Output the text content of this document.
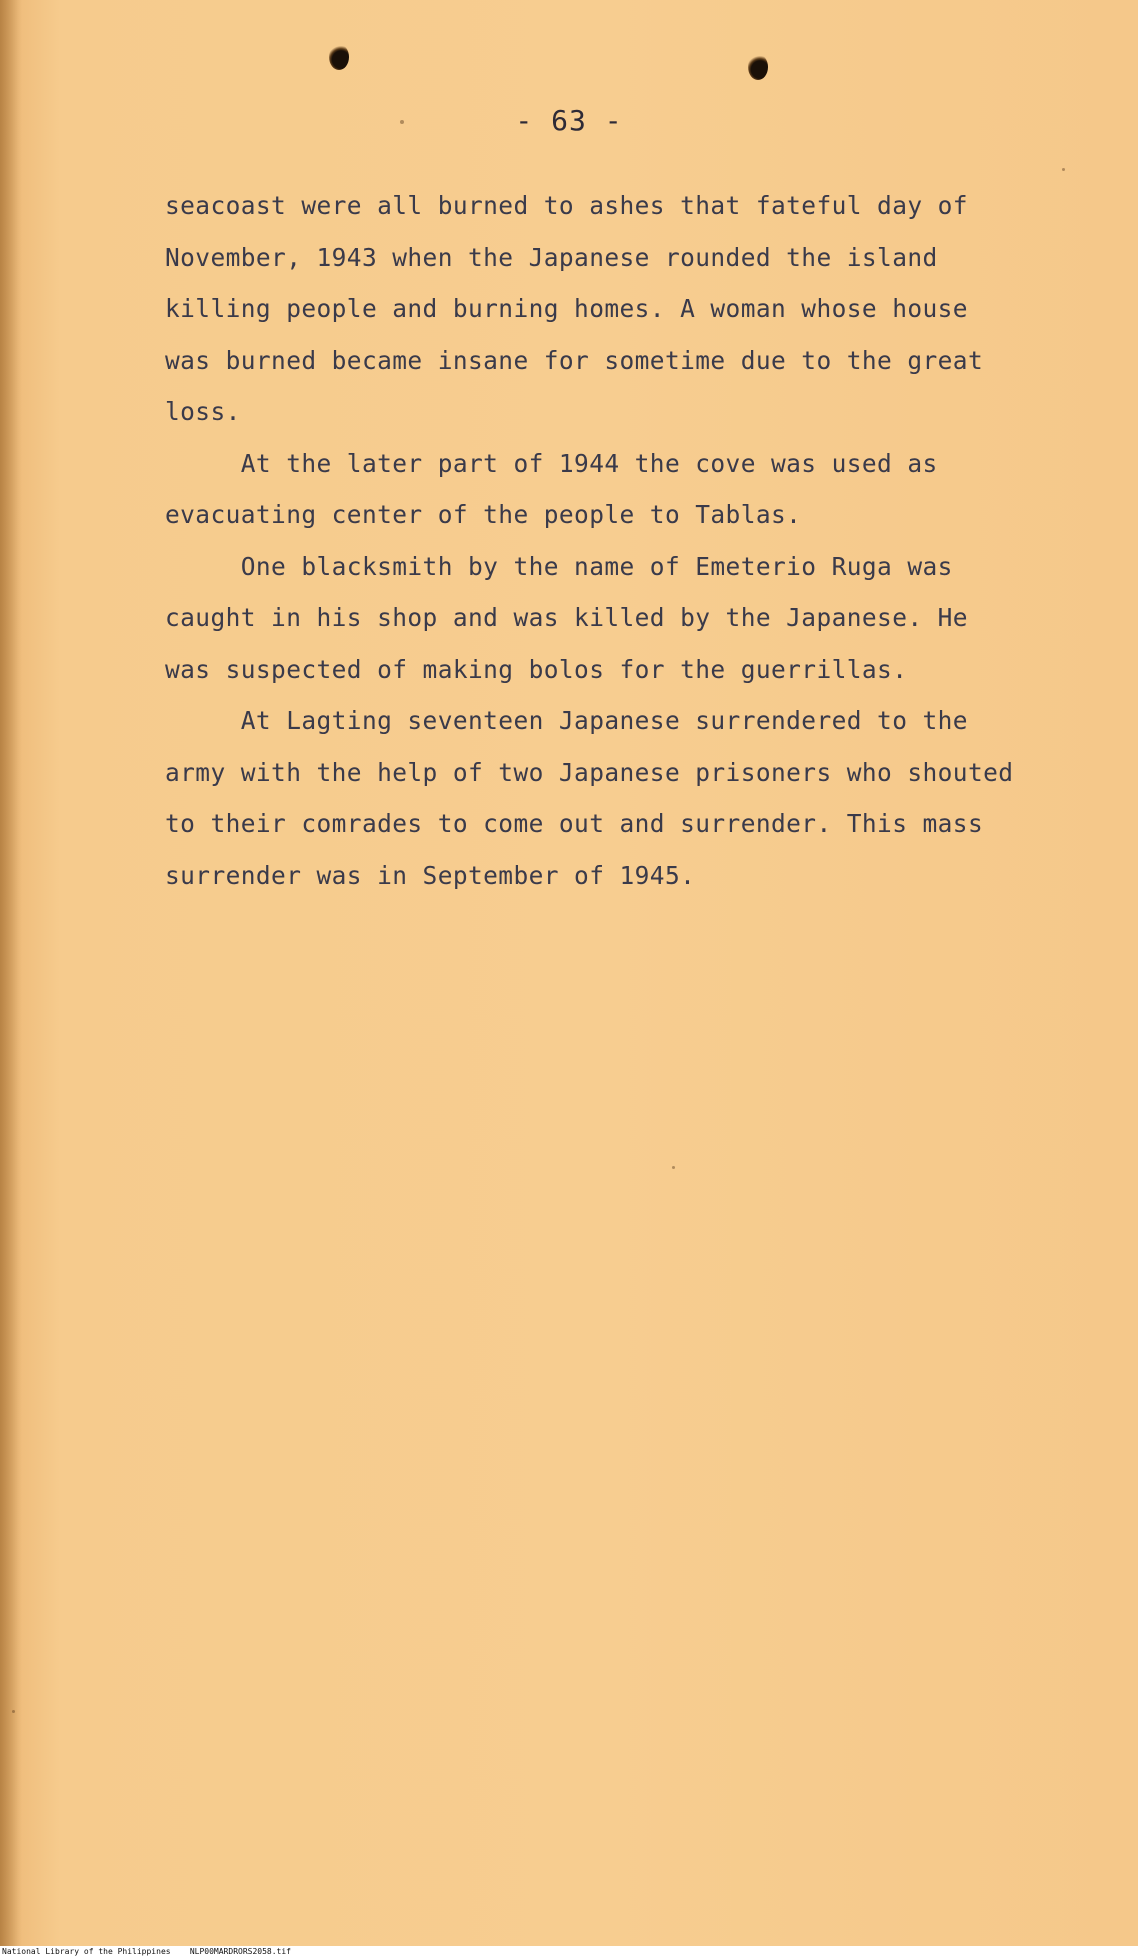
- 63 -
seacoast were all burned to ashes that fateful day of
November, 1943 when the Japanese rounded the island
killing people and burning homes. A woman whose house
was burned became insane for sometime due to the great
loss.
At the later part of 1944 the cove was used as
evacuating center of the people to Tablas.
One blacksmith by the name of Emeterio Ruga was
caught in his shop and was killed by the Japanese. He
was suspected of making bolos for the guerrillas.
At Lagting seventeen Japanese surrendered to the
army with the help of two Japanese prisoners who shouted
to their comrades to come out and surrender. This mass
surrender was in September of 1945.
National Library of the Philippines    NLP00MARDRORS2058.tif
